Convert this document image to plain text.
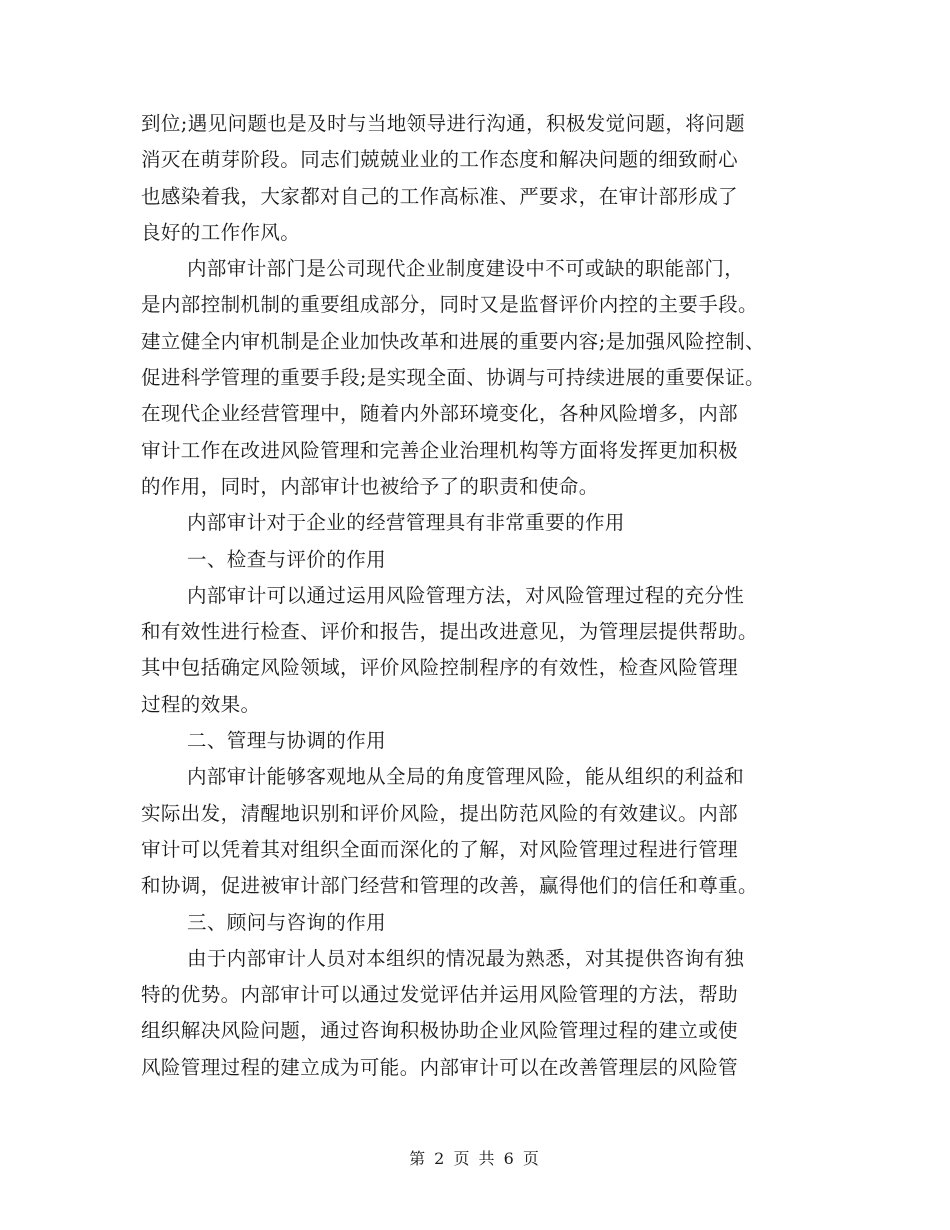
到位;遇见问题也是及时与当地领导进行沟通，积极发觉问题，将问题
消灭在萌芽阶段。同志们兢兢业业的工作态度和解决问题的细致耐心
也感染着我，大家都对自己的工作高标准、严要求，在审计部形成了
良好的工作作风。
内部审计部门是公司现代企业制度建设中不可或缺的职能部门，
是内部控制机制的重要组成部分，同时又是监督评价内控的主要手段。
建立健全内审机制是企业加快改革和进展的重要内容;是加强风险控制、
促进科学管理的重要手段;是实现全面、协调与可持续进展的重要保证。
在现代企业经营管理中，随着内外部环境变化，各种风险增多，内部
审计工作在改进风险管理和完善企业治理机构等方面将发挥更加积极
的作用，同时，内部审计也被给予了的职责和使命。
内部审计对于企业的经营管理具有非常重要的作用
一、检查与评价的作用
内部审计可以通过运用风险管理方法，对风险管理过程的充分性
和有效性进行检查、评价和报告，提出改进意见，为管理层提供帮助。
其中包括确定风险领域，评价风险控制程序的有效性，检查风险管理
过程的效果。
二、管理与协调的作用
内部审计能够客观地从全局的角度管理风险，能从组织的利益和
实际出发，清醒地识别和评价风险，提出防范风险的有效建议。内部
审计可以凭着其对组织全面而深化的了解，对风险管理过程进行管理
和协调，促进被审计部门经营和管理的改善，赢得他们的信任和尊重。
三、顾问与咨询的作用
由于内部审计人员对本组织的情况最为熟悉，对其提供咨询有独
特的优势。内部审计可以通过发觉评估并运用风险管理的方法，帮助
组织解决风险问题，通过咨询积极协助企业风险管理过程的建立或使
风险管理过程的建立成为可能。内部审计可以在改善管理层的风险管
第 2 页 共 6 页
